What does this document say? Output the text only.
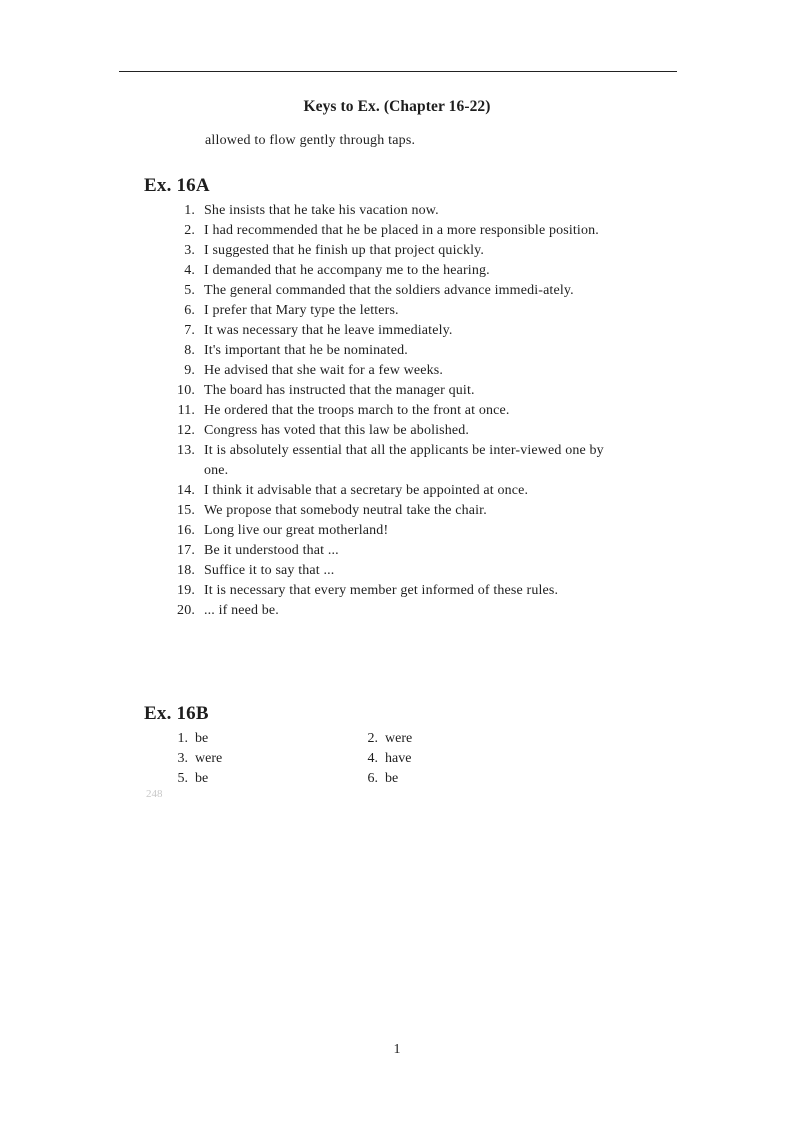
Keys to Ex. (Chapter 16-22)
allowed to flow gently through taps.
Ex. 16A
1. She insists that he take his vacation now.
2. I had recommended that he be placed in a more responsible position.
3. I suggested that he finish up that project quickly.
4. I demanded that he accompany me to the hearing.
5. The general commanded that the soldiers advance immedi-ately.
6. I prefer that Mary type the letters.
7. It was necessary that he leave immediately.
8. It's important that he be nominated.
9. He advised that she wait for a few weeks.
10. The board has instructed that the manager quit.
11. He ordered that the troops march to the front at once.
12. Congress has voted that this law be abolished.
13. It is absolutely essential that all the applicants be inter-viewed one by one.
14. I think it advisable that a secretary be appointed at once.
15. We propose that somebody neutral take the chair.
16. Long live our great motherland!
17. Be it understood that ...
18. Suffice it to say that ...
19. It is necessary that every member get informed of these rules.
20. ... if need be.
Ex. 16B
1. be	2. were
3. were	4. have
5. be	6. be
248
1
